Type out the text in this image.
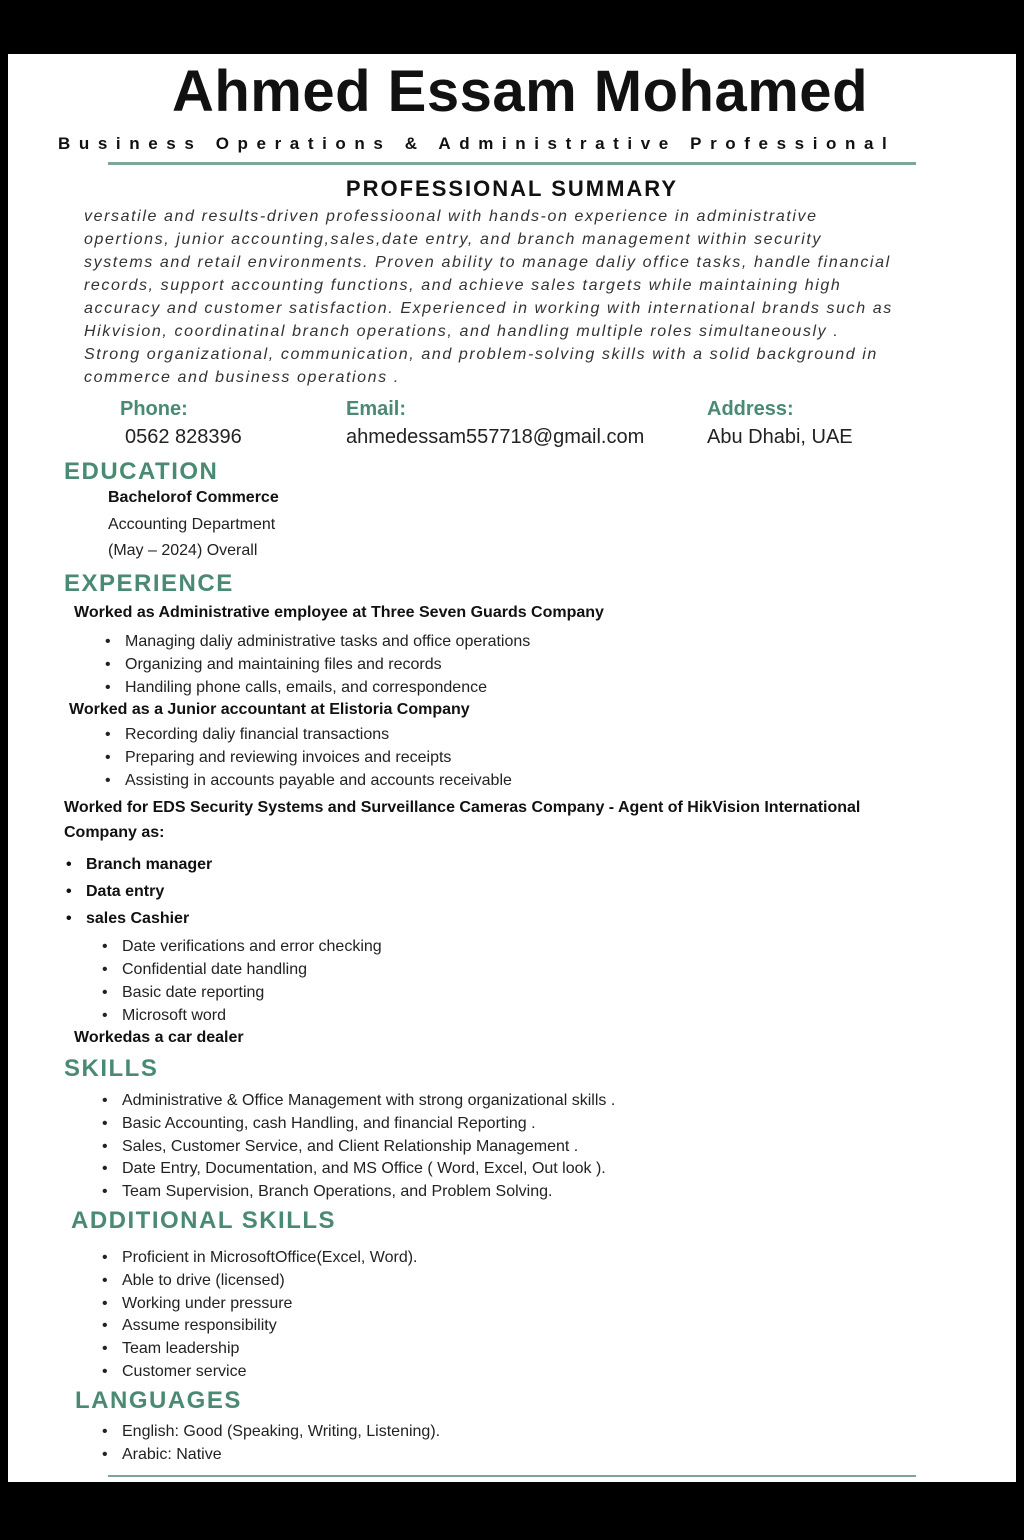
Ahmed Essam Mohamed
Business Operations & Administrative Professional
PROFESSIONAL SUMMARY
versatile and results-driven professioonal with hands-on experience in administrative
opertions, junior accounting,sales,date entry, and branch management within security
systems and retail environments. Proven ability to manage daliy office tasks, handle financial
records, support accounting functions, and achieve sales targets while maintaining high
accuracy and customer satisfaction. Experienced in working with international brands such as
Hikvision, coordinatinal branch operations, and handling multiple roles simultaneously .
Strong organizational, communication, and problem-solving skills with a solid background in
commerce and business operations .
Phone:
0562 828396
Email:
ahmedessam557718@gmail.com
Address:
Abu Dhabi, UAE
EDUCATION
Bachelorof Commerce
Accounting Department
(May – 2024) Overall
EXPERIENCE
Worked as Administrative employee at Three Seven Guards Company
• Managing daliy administrative tasks and office operations
• Organizing and maintaining files and records
• Handiling phone calls, emails, and correspondence
Worked as a Junior accountant at Elistoria Company
• Recording daliy financial transactions
• Preparing and reviewing invoices and receipts
• Assisting in accounts payable and accounts receivable
Worked for EDS Security Systems and Surveillance Cameras Company - Agent of HikVision International
Company as:
• Branch manager
• Data entry
• sales Cashier
• Date verifications and error checking
• Confidential date handling
• Basic date reporting
• Microsoft word
Workedas a car dealer
SKILLS
• Administrative & Office Management with strong organizational skills .
• Basic Accounting, cash Handling, and financial Reporting .
• Sales, Customer Service, and Client Relationship Management .
• Date Entry, Documentation, and MS Office ( Word, Excel, Out look ).
• Team Supervision, Branch Operations, and Problem Solving.
ADDITIONAL SKILLS
• Proficient in MicrosoftOffice(Excel, Word).
• Able to drive (licensed)
• Working under pressure
• Assume responsibility
• Team leadership
• Customer service
LANGUAGES
• English: Good (Speaking, Writing, Listening).
• Arabic: Native
